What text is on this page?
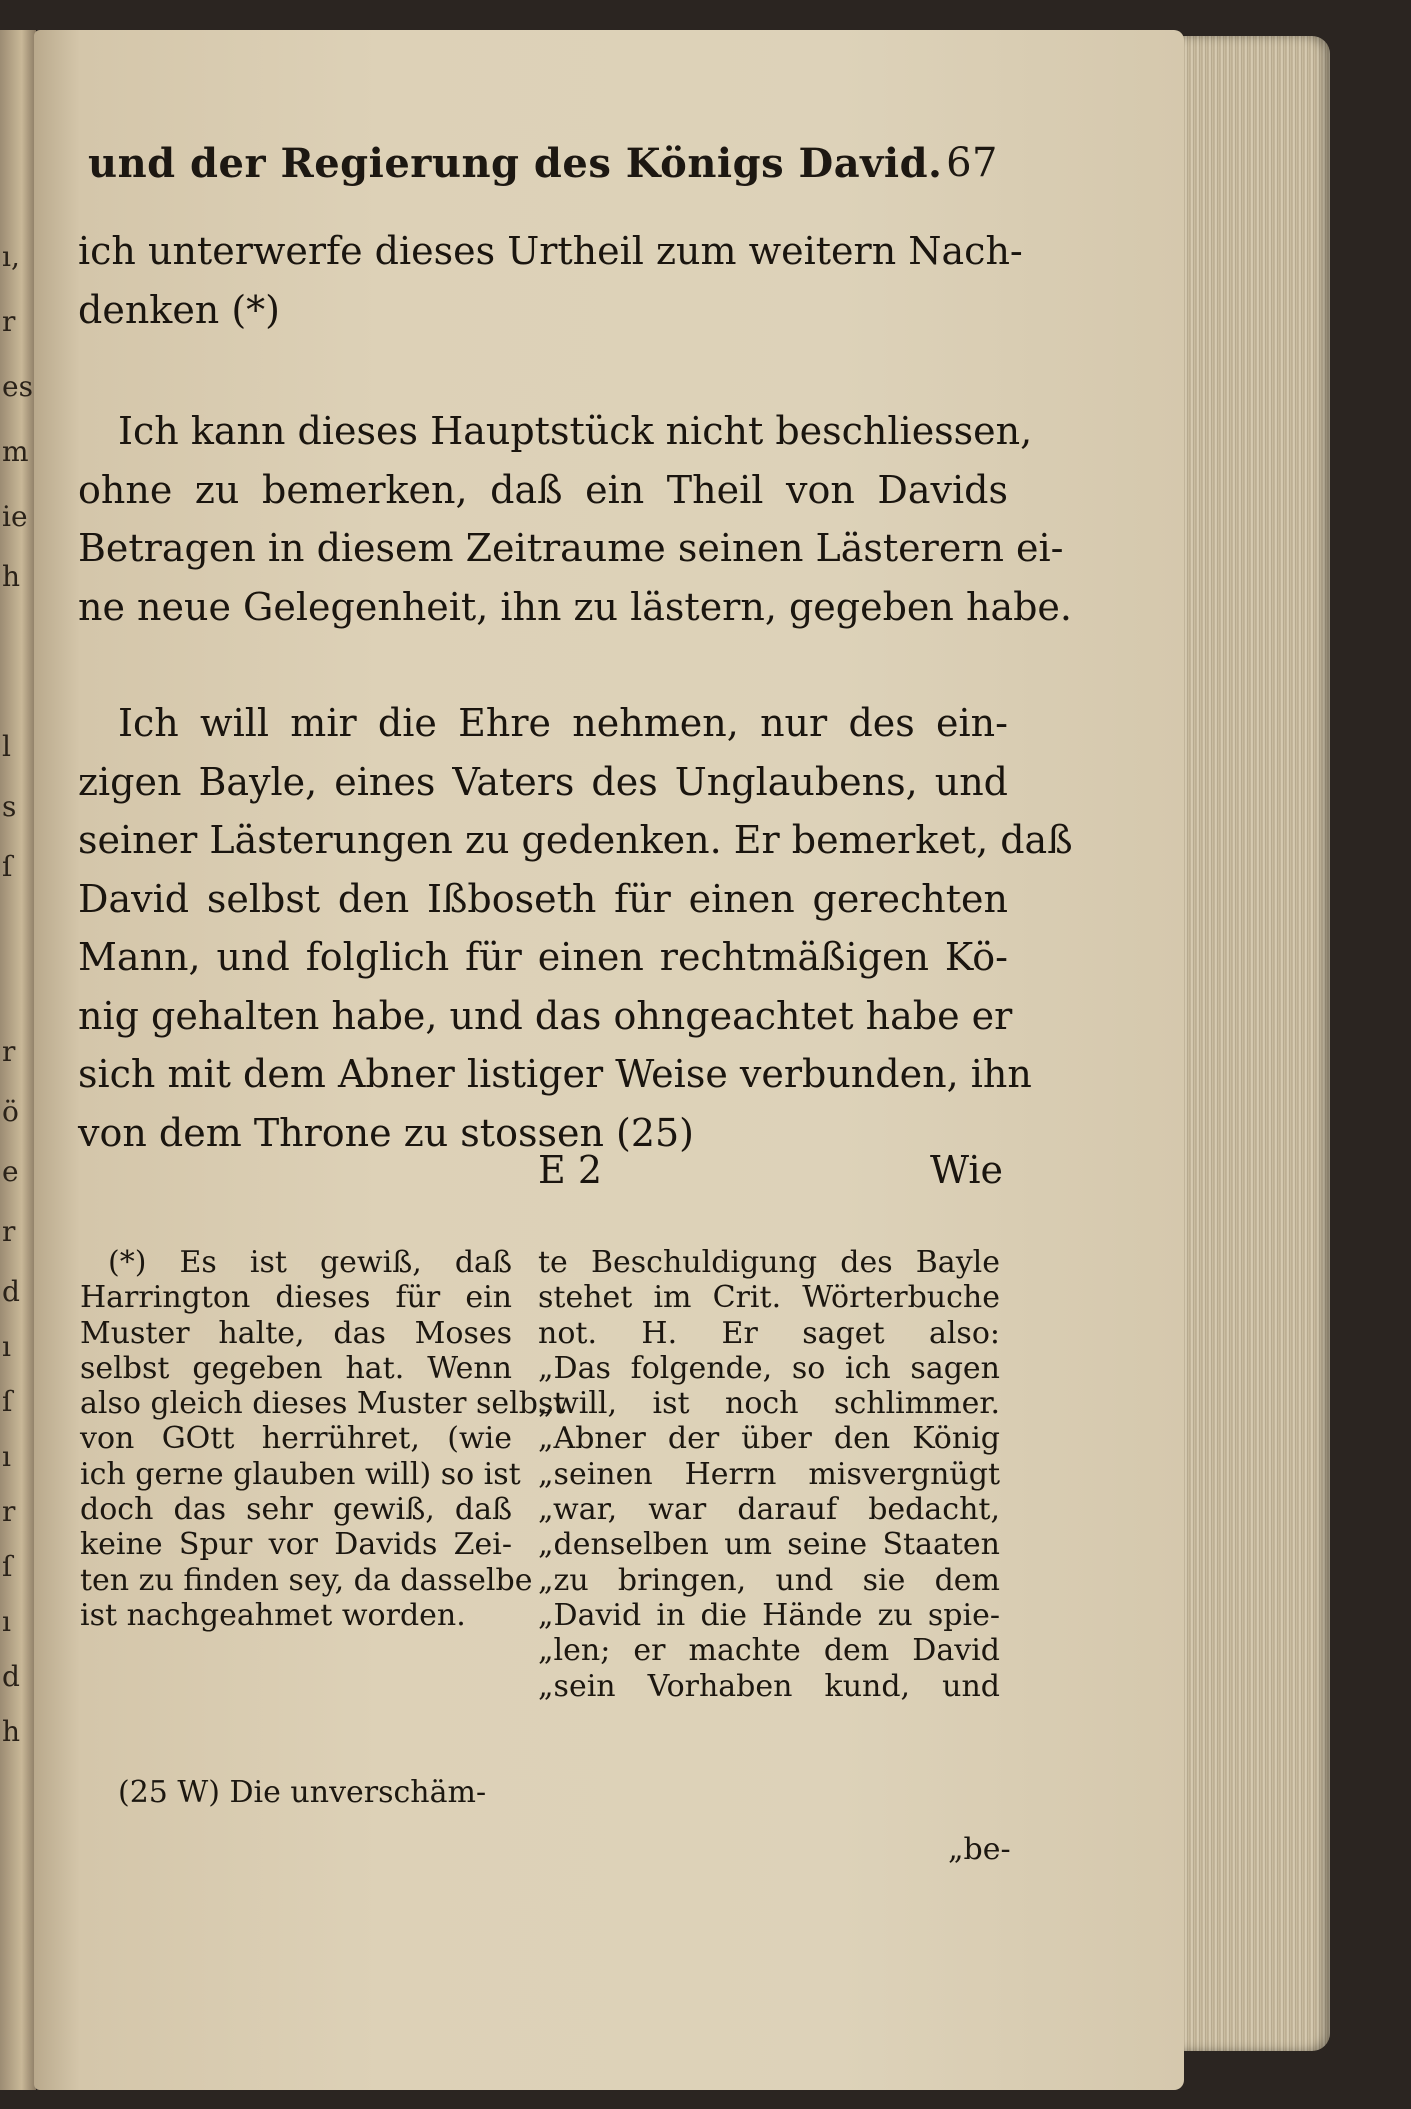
ı,
r
es
m
ie
h
l
s
ſ
r
ö
e
r
d
ı
ſ
ı
r
ſ
ı
d
h
und der Regierung des Königs David. 67
ich unterwerfe dieses Urtheil zum weitern Nach-
denken (*)
Ich kann dieses Hauptstück nicht beschliessen,
ohne zu bemerken, daß ein Theil von Davids
Betragen in diesem Zeitraume seinen Lästerern ei-
ne neue Gelegenheit, ihn zu lästern, gegeben habe.
Ich will mir die Ehre nehmen, nur des ein-
zigen Bayle, eines Vaters des Unglaubens, und
seiner Lästerungen zu gedenken. Er bemerket, daß
David selbst den Ißboseth für einen gerechten
Mann, und folglich für einen rechtmäßigen Kö-
nig gehalten habe, und das ohngeachtet habe er
sich mit dem Abner listiger Weise verbunden, ihn
von dem Throne zu stossen (25)
E 2	Wie
(*) Es ist gewiß, daß
Harrington dieses für ein
Muster halte, das Moses
selbst gegeben hat. Wenn
also gleich dieses Muster selbst
von GOtt herrühret, (wie
ich gerne glauben will) so ist
doch das sehr gewiß, daß
keine Spur vor Davids Zei-
ten zu finden sey, da dasselbe
ist nachgeahmet worden.
(25 W) Die unverschäm-
te Beschuldigung des Bayle
stehet im Crit. Wörterbuche
not. H. Er saget also:
„Das folgende, so ich sagen
„will, ist noch schlimmer.
„Abner der über den König
„seinen Herrn misvergnügt
„war, war darauf bedacht,
„denselben um seine Staaten
„zu bringen, und sie dem
„David in die Hände zu spie-
„len; er machte dem David
„sein Vorhaben kund, und
„be-
